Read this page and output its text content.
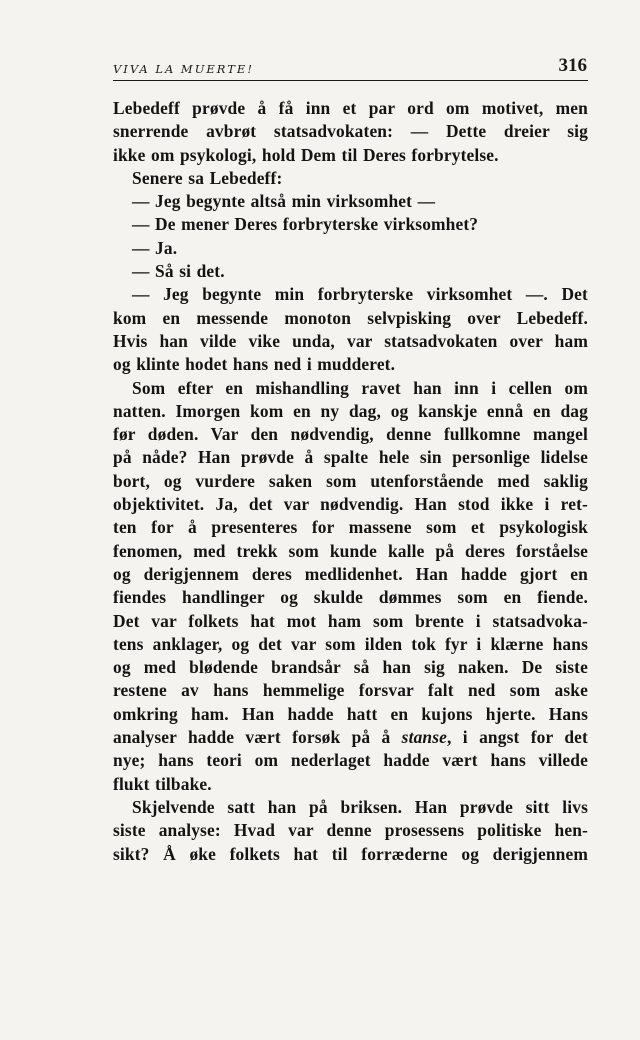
VIVA LA MUERTE!	316
Lebedeff prøvde å få inn et par ord om motivet, men
snerrende avbrøt statsadvokaten: — Dette dreier sig
ikke om psykologi, hold Dem til Deres forbrytelse.
Senere sa Lebedeff:
— Jeg begynte altså min virksomhet —
— De mener Deres forbryterske virksomhet?
— Ja.
— Så si det.
— Jeg begynte min forbryterske virksomhet —. Det
kom en messende monoton selvpisking over Lebedeff.
Hvis han vilde vike unda, var statsadvokaten over ham
og klinte hodet hans ned i mudderet.
Som efter en mishandling ravet han inn i cellen om
natten. Imorgen kom en ny dag, og kanskje ennå en dag
før døden. Var den nødvendig, denne fullkomne mangel
på nåde? Han prøvde å spalte hele sin personlige lidelse
bort, og vurdere saken som utenforstående med saklig
objektivitet. Ja, det var nødvendig. Han stod ikke i ret-
ten for å presenteres for massene som et psykologisk
fenomen, med trekk som kunde kalle på deres forståelse
og derigjennem deres medlidenhet. Han hadde gjort en
fiendes handlinger og skulde dømmes som en fiende.
Det var folkets hat mot ham som brente i statsadvoka-
tens anklager, og det var som ilden tok fyr i klærne hans
og med blødende brandsår så han sig naken. De siste
restene av hans hemmelige forsvar falt ned som aske
omkring ham. Han hadde hatt en kujons hjerte. Hans
analyser hadde vært forsøk på å stanse, i angst for det
nye; hans teori om nederlaget hadde vært hans villede
flukt tilbake.
Skjelvende satt han på briksen. Han prøvde sitt livs
siste analyse: Hvad var denne prosessens politiske hen-
sikt? Å øke folkets hat til forræderne og derigjennem
